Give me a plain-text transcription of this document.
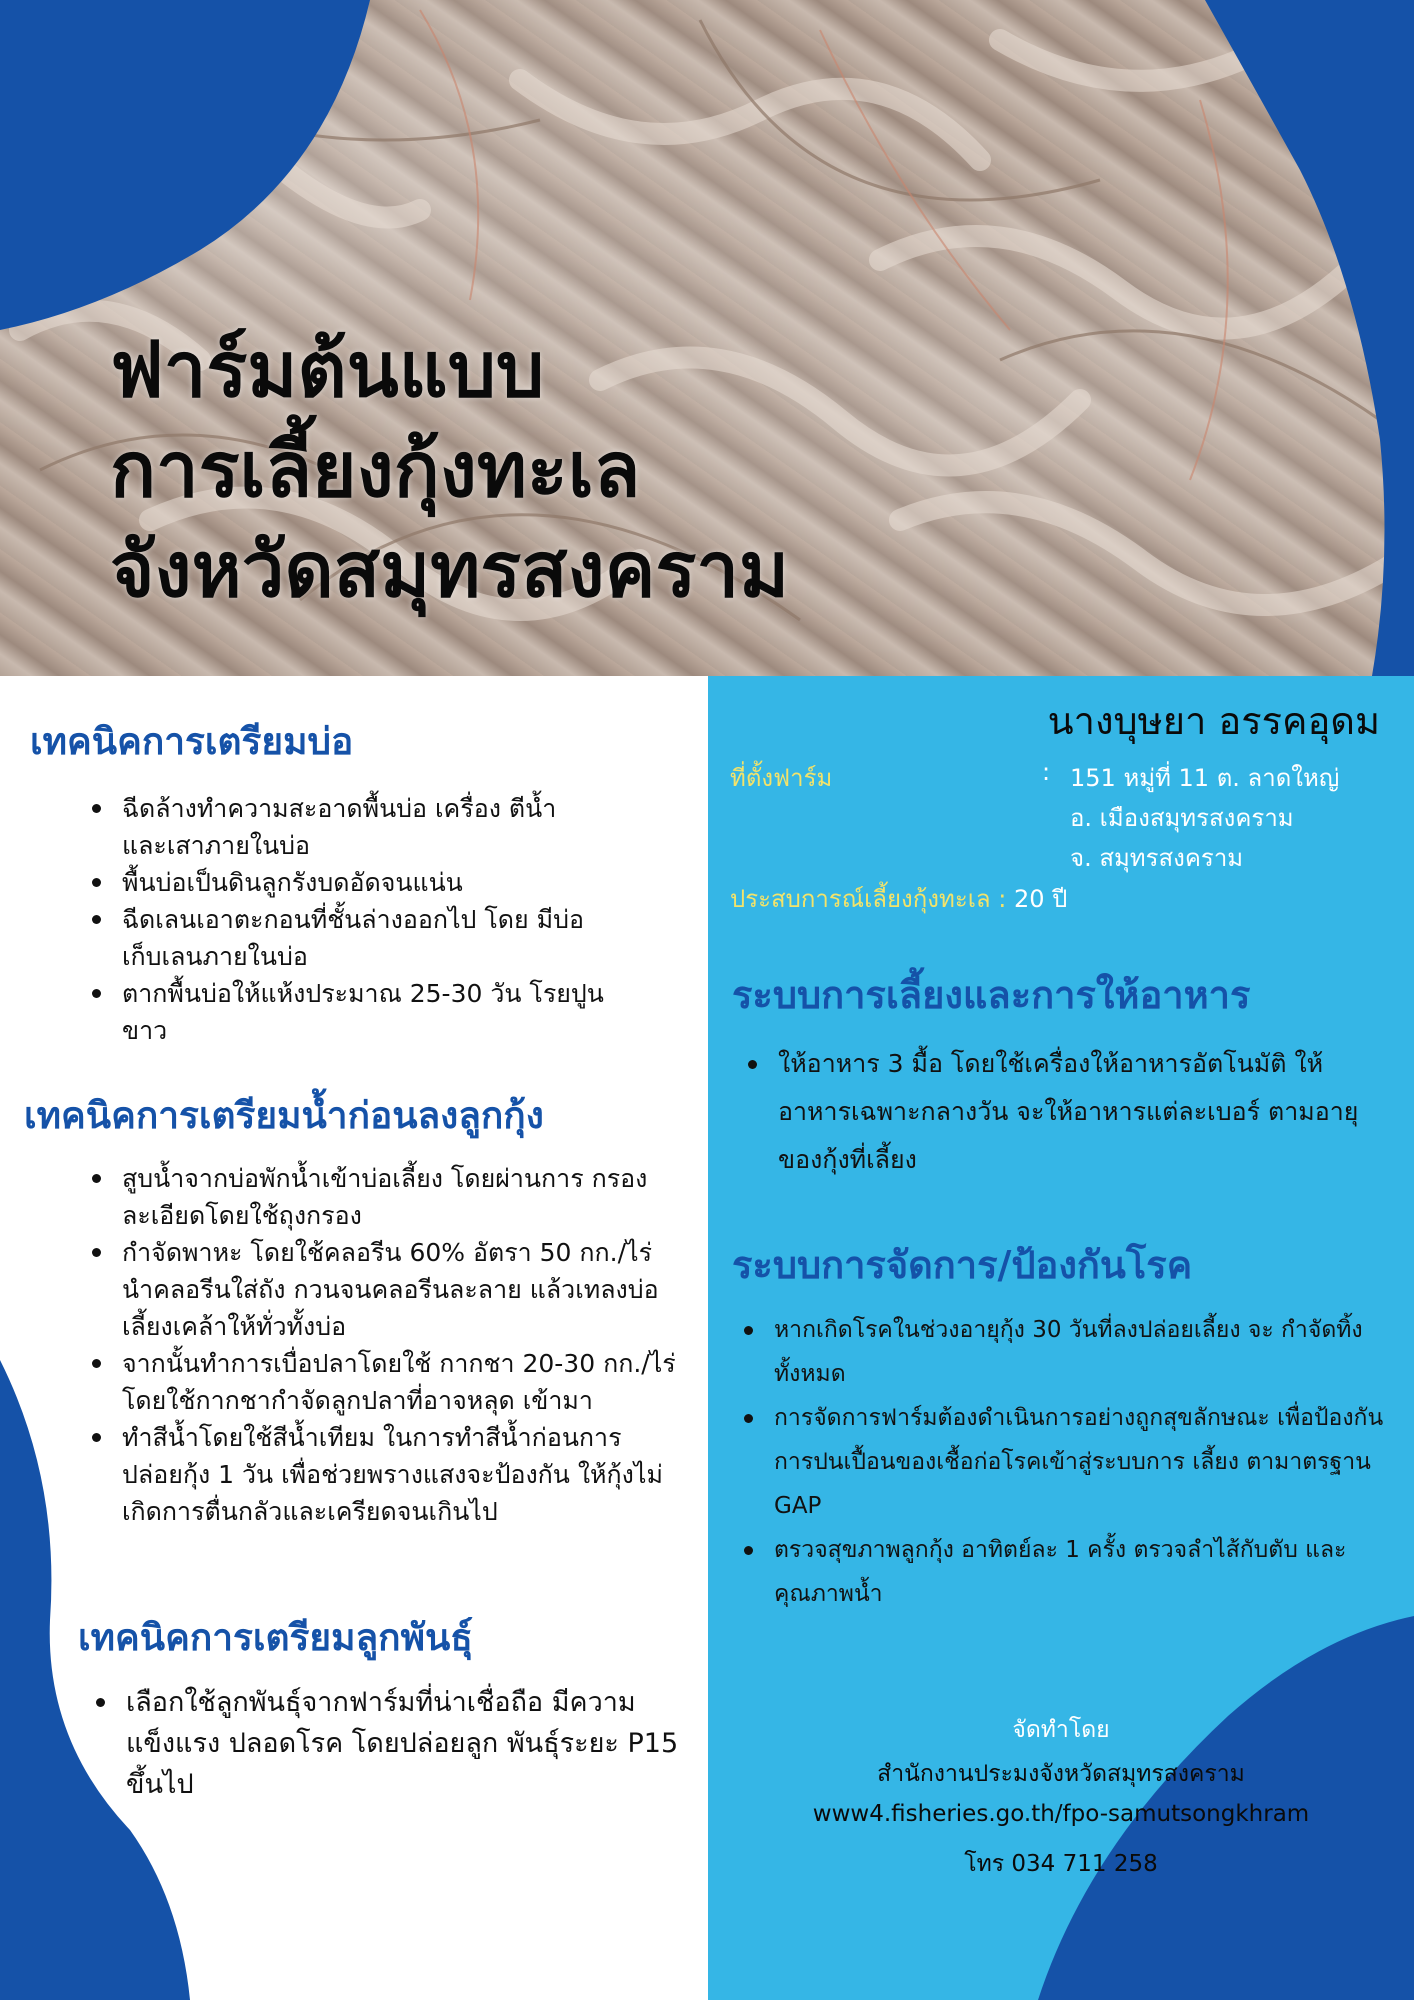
ฟาร์มต้นแบบ
การเลี้ยงกุ้งทะเล
จังหวัดสมุทรสงคราม
เทคนิคการเตรียมบ่อ
ฉีดล้างทำความสะอาดพื้นบ่อ เครื่อง ตีน้ำ และเสาภายในบ่อ
พื้นบ่อเป็นดินลูกรังบดอัดจนแน่น
ฉีดเลนเอาตะกอนที่ชั้นล่างออกไป โดย มีบ่อเก็บเลนภายในบ่อ
ตากพื้นบ่อให้แห้งประมาณ 25-30 วัน โรยปูนขาว
เทคนิคการเตรียมน้ำก่อนลงลูกกุ้ง
สูบน้ำจากบ่อพักน้ำเข้าบ่อเลี้ยง โดยผ่านการ กรองละเอียดโดยใช้ถุงกรอง
กำจัดพาหะ โดยใช้คลอรีน 60% อัตรา 50 กก./ไร่ นำคลอรีนใส่ถัง กวนจนคลอรีนละลาย แล้วเทลงบ่อเลี้ยงเคล้าให้ทั่วทั้งบ่อ
จากนั้นทำการเบื่อปลาโดยใช้ กากชา 20-30 กก./ไร่ โดยใช้กากชากำจัดลูกปลาที่อาจหลุด เข้ามา
ทำสีน้ำโดยใช้สีน้ำเทียม ในการทำสีน้ำก่อนการ ปล่อยกุ้ง 1 วัน เพื่อช่วยพรางแสงจะป้องกัน ให้กุ้งไม่เกิดการตื่นกลัวและเครียดจนเกินไป
เทคนิคการเตรียมลูกพันธุ์
เลือกใช้ลูกพันธุ์จากฟาร์มที่น่าเชื่อถือ มีความแข็งแรง ปลอดโรค โดยปล่อยลูก พันธุ์ระยะ P15 ขึ้นไป

นางบุษยา อรรคอุดม

ที่ตั้งฟาร์ม	: 151 หมู่ที่ 11 ต. ลาดใหญ่
อ. เมืองสมุทรสงคราม
จ. สมุทรสงคราม
ประสบการณ์เลี้ยงกุ้งทะเล : 20 ปี
ระบบการเลี้ยงและการให้อาหาร
ให้อาหาร 3 มื้อ โดยใช้เครื่องให้อาหารอัตโนมัติ ให้อาหารเฉพาะกลางวัน จะให้อาหารแต่ละเบอร์ ตามอายุของกุ้งที่เลี้ยง
ระบบการจัดการ/ป้องกันโรค
หากเกิดโรคในช่วงอายุกุ้ง 30 วันที่ลงปล่อยเลี้ยง จะ กำจัดทิ้งทั้งหมด
การจัดการฟาร์มต้องดำเนินการอย่างถูกสุขลักษณะ เพื่อป้องกันการปนเปื้อนของเชื้อก่อโรคเข้าสู่ระบบการ เลี้ยง ตามาตรฐาน GAP
ตรวจสุขภาพลูกกุ้ง อาทิตย์ละ 1 ครั้ง ตรวจลำไส้กับตับ และคุณภาพน้ำ
จัดทำโดย
สำนักงานประมงจังหวัดสมุทรสงคราม
www4.fisheries.go.th/fpo-samutsongkhram
โทร 034 711 258
